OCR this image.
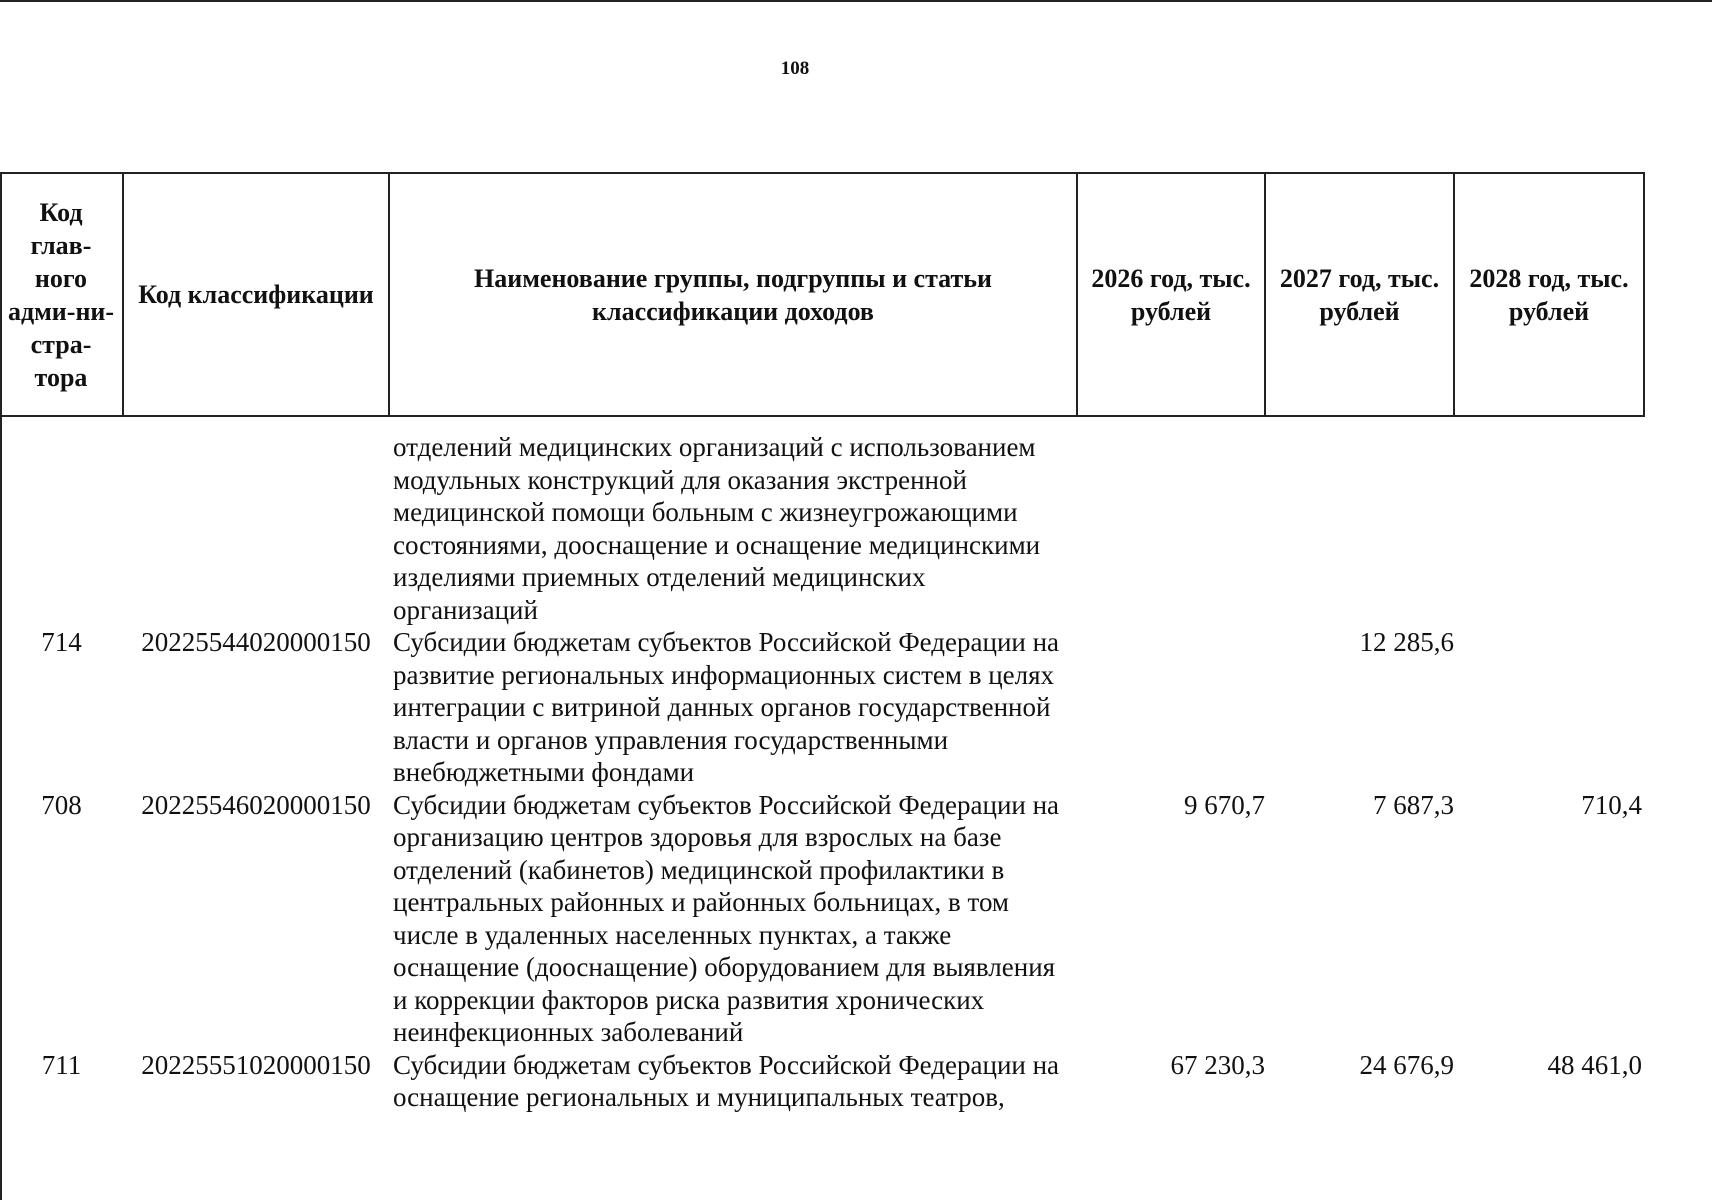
108
Код глав-ного адми-ни-стра-тора	Код классификации	Наименование группы, подгруппы и статьи классификации доходов	2026 год, тыс. рублей	2027 год, тыс. рублей	2028 год, тыс. рублей

		отделений медицинских организаций с использованием модульных конструкций для оказания экстренной медицинской помощи больным с жизнеугрожающими состояниями, дооснащение и оснащение медицинскими изделиями приемных отделений медицинских организаций			
714	20225544020000150	Субсидии бюджетам субъектов Российской Федерации на развитие региональных информационных систем в целях интеграции с витриной данных органов государственной власти и органов управления государственными внебюджетными фондами		12 285,6	
708	20225546020000150	Субсидии бюджетам субъектов Российской Федерации на организацию центров здоровья для взрослых на базе отделений (кабинетов) медицинской профилактики в центральных районных и районных больницах, в том числе в удаленных населенных пунктах, а также оснащение (дооснащение) оборудованием для выявления и коррекции факторов риска развития хронических неинфекционных заболеваний	9 670,7	7 687,3	710,4
711	20225551020000150	Субсидии бюджетам субъектов Российской Федерации на оснащение региональных и муниципальных театров,	67 230,3	24 676,9	48 461,0
